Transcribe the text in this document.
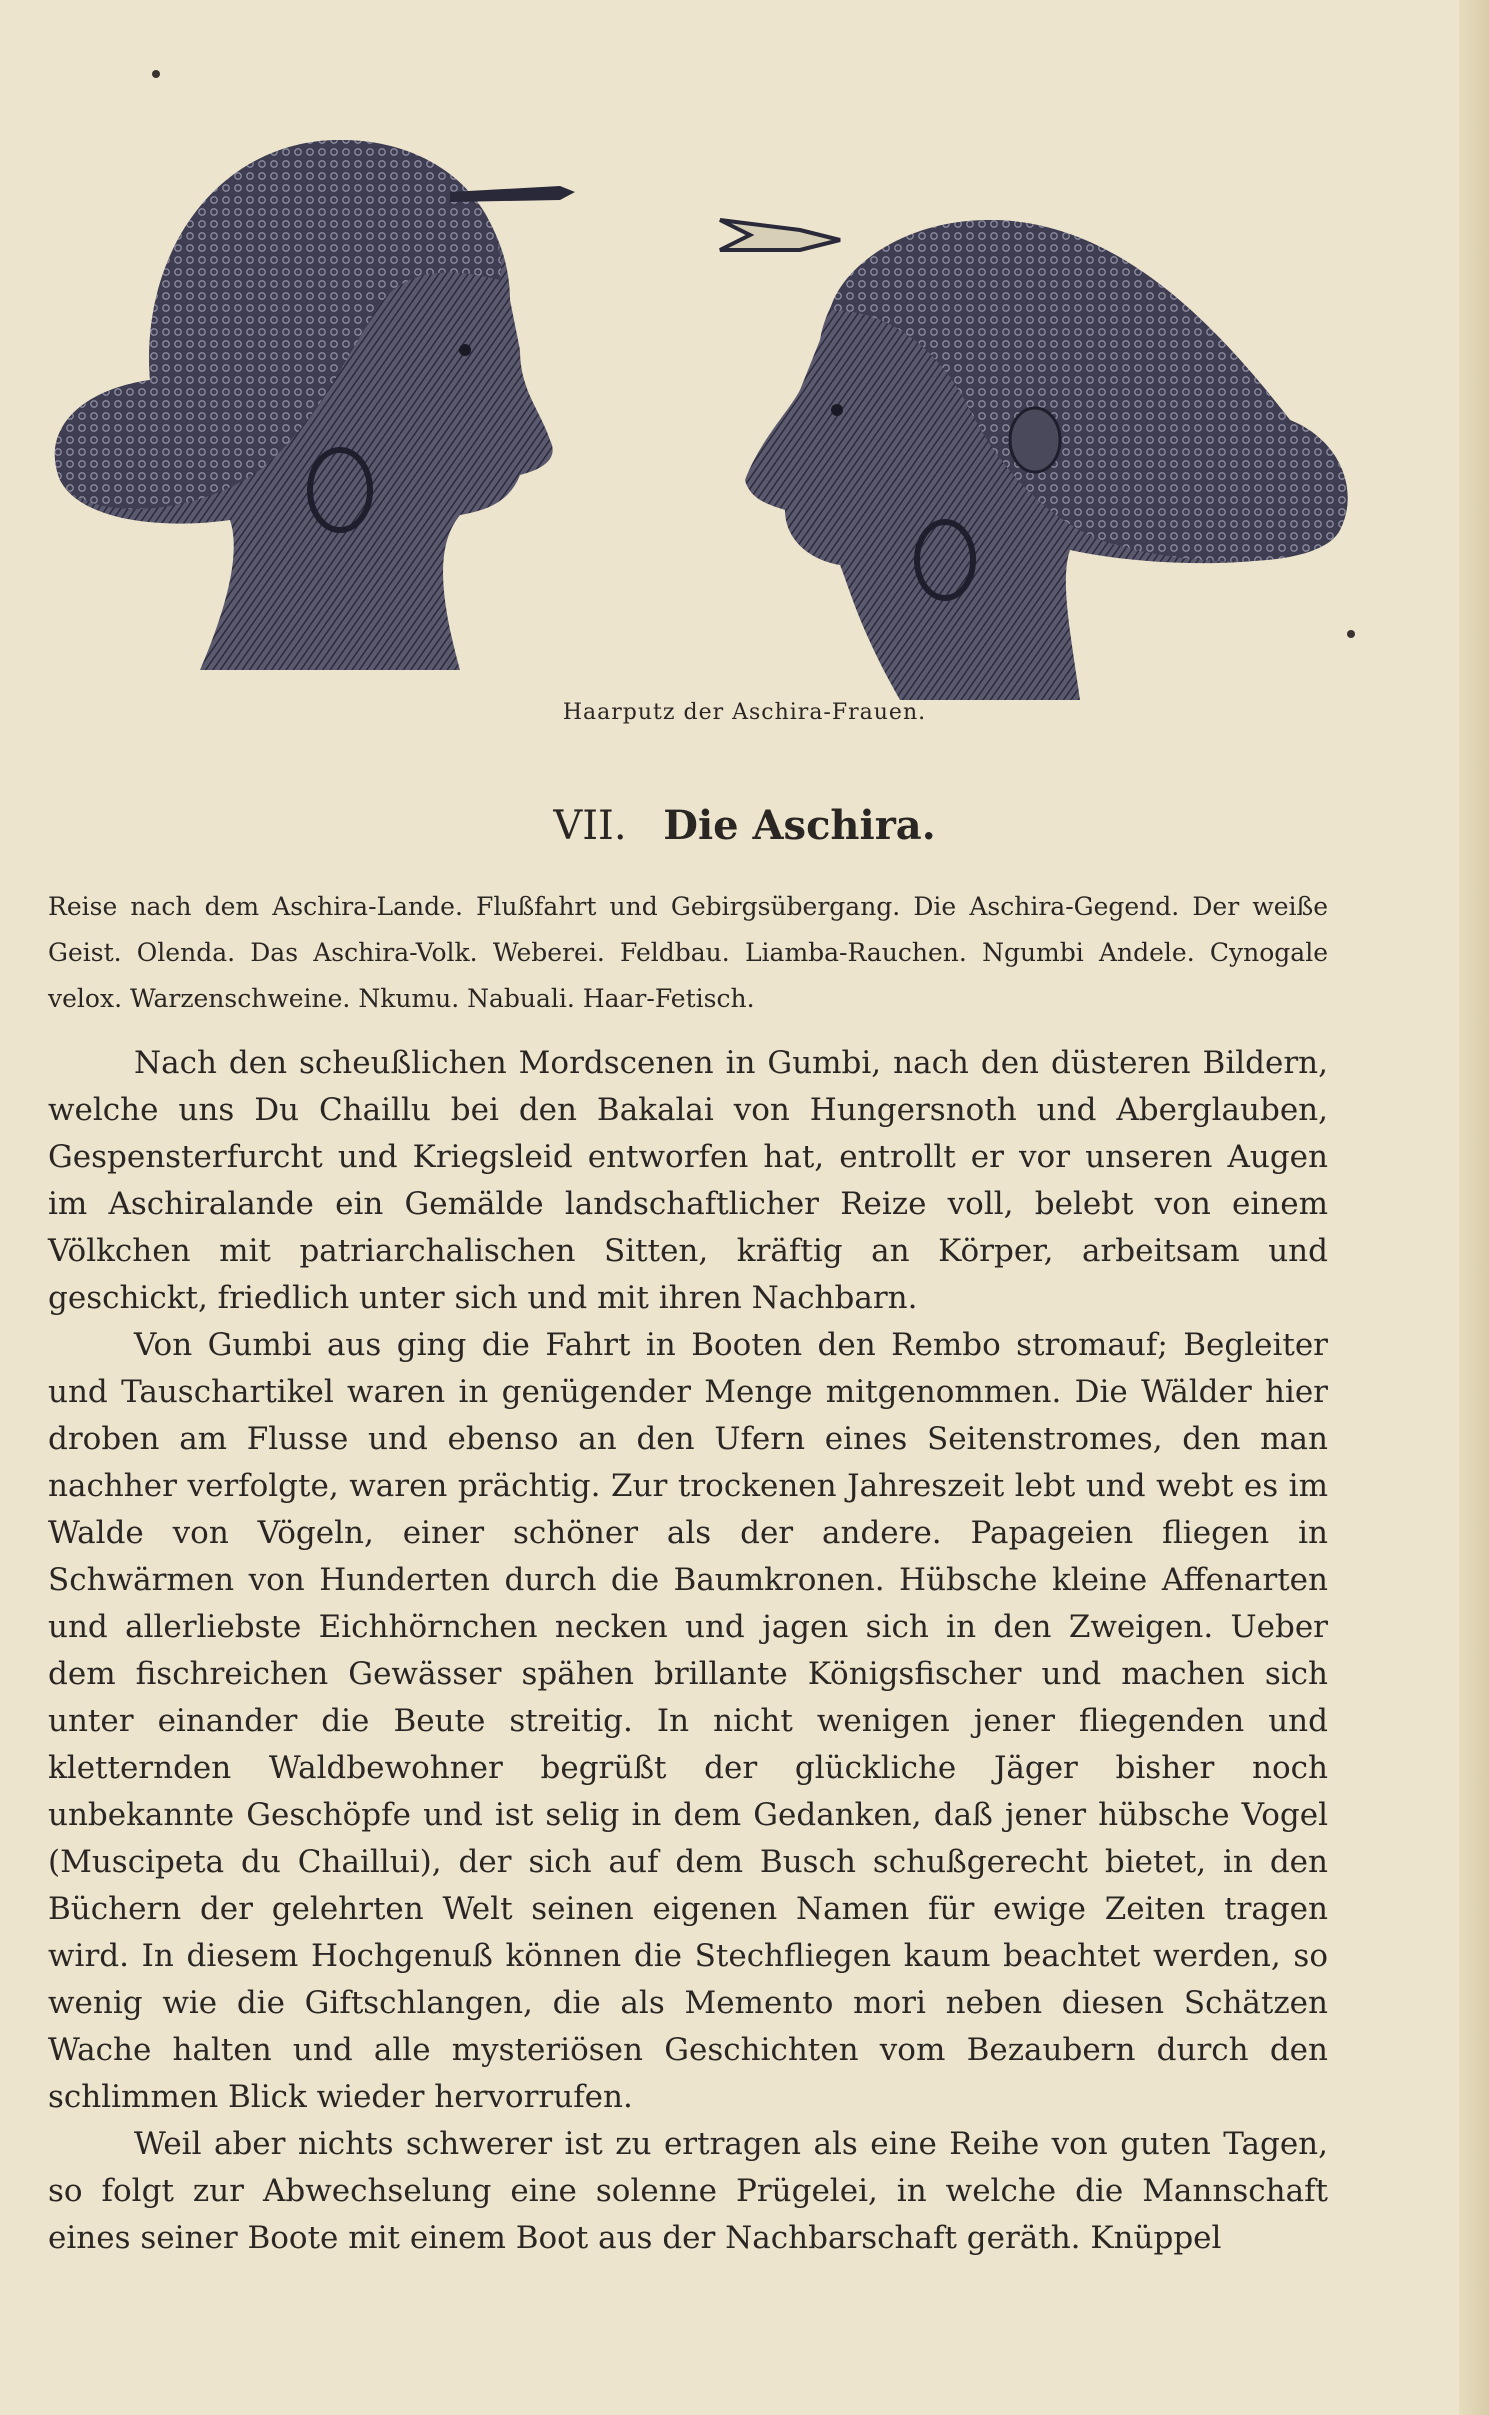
Haarputz der Aschira-Frauen.
VII. Die Aschira.

Reise nach dem Aschira-Lande. Flußfahrt und Gebirgsübergang. Die Aschira-Gegend. Der weiße Geist. Olenda. Das Aschira-Volk. Weberei. Feldbau. Liamba-Rauchen. Ngumbi Andele. Cynogale velox. Warzenschweine. Nkumu. Nabuali. Haar-Fetisch.

Nach den scheußlichen Mordscenen in Gumbi, nach den düsteren Bildern, welche uns Du Chaillu bei den Bakalai von Hungersnoth und Aberglauben, Gespensterfurcht und Kriegsleid entworfen hat, entrollt er vor unseren Augen im Aschiralande ein Gemälde landschaftlicher Reize voll, belebt von einem Völkchen mit patriarchalischen Sitten, kräftig an Körper, arbeitsam und geschickt, friedlich unter sich und mit ihren Nachbarn.

Von Gumbi aus ging die Fahrt in Booten den Rembo stromauf; Begleiter und Tauschartikel waren in genügender Menge mitgenommen. Die Wälder hier droben am Flusse und ebenso an den Ufern eines Seitenstromes, den man nachher verfolgte, waren prächtig. Zur trockenen Jahreszeit lebt und webt es im Walde von Vögeln, einer schöner als der andere. Papageien fliegen in Schwärmen von Hunderten durch die Baumkronen. Hübsche kleine Affenarten und allerliebste Eichhörnchen necken und jagen sich in den Zweigen. Ueber dem fischreichen Gewässer spähen brillante Königsfischer und machen sich unter einander die Beute streitig. In nicht wenigen jener fliegenden und kletternden Waldbewohner begrüßt der glückliche Jäger bisher noch unbekannte Geschöpfe und ist selig in dem Gedanken, daß jener hübsche Vogel (Muscipeta du Chaillui), der sich auf dem Busch schußgerecht bietet, in den Büchern der gelehrten Welt seinen eigenen Namen für ewige Zeiten tragen wird. In diesem Hochgenuß können die Stechfliegen kaum beachtet werden, so wenig wie die Giftschlangen, die als Memento mori neben diesen Schätzen Wache halten und alle mysteriösen Geschichten vom Bezaubern durch den schlimmen Blick wieder hervorrufen.

Weil aber nichts schwerer ist zu ertragen als eine Reihe von guten Tagen, so folgt zur Abwechselung eine solenne Prügelei, in welche die Mannschaft eines seiner Boote mit einem Boot aus der Nachbarschaft geräth. Knüppel
